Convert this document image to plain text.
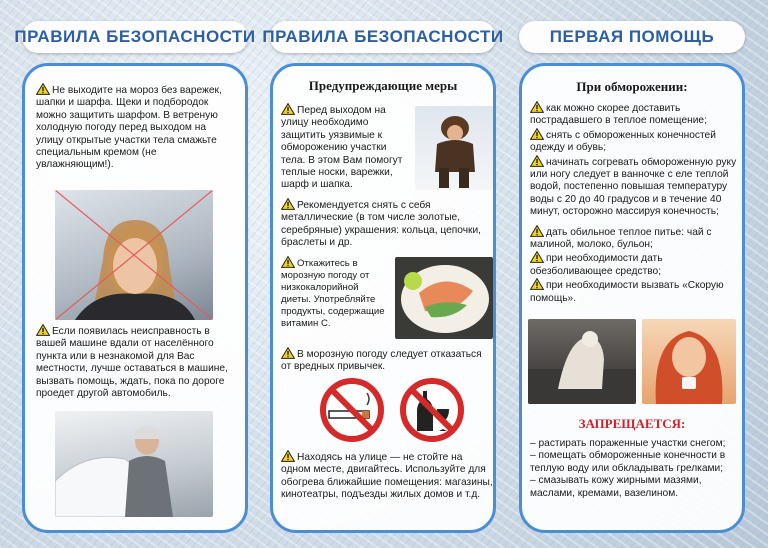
ПРАВИЛА БЕЗОПАСНОСТИ ПРАВИЛА БЕЗОПАСНОСТИ	ПЕРВАЯ ПОМОЩЬ
Не выходите на мороз без варежек, шапки и шарфа. Щеки и подбородок можно защитить шарфом. В ветреную холодную погоду перед выходом на улицу открытые участки тела смажьте специальным кремом (не увлажняющим!).
Если появилась неисправность в вашей машине вдали от населённого пункта или в незнакомой для Вас местности, лучше оставаться в машине, вызвать помощь, ждать, пока по дороге проедет другой автомобиль.
Предупреждающие меры
Перед выходом на улицу необходимо защитить уязвимые к обморожению участки тела. В этом Вам помогут теплые носки, варежки, шарф и шапка.
Рекомендуется снять с себя металлические (в том числе золотые, серебряные) украшения: кольца, цепочки, браслеты и др.
Откажитесь в морозную погоду от низкокалорийной диеты. Употребляйте продукты, содержащие витамин С.
В морозную погоду следует отказаться от вредных привычек.
Находясь на улице — не стойте на одном месте, двигайтесь. Используйте для обогрева ближайшие помещения: магазины, кинотеатры, подъезды жилых домов и т.д.
При обморожении:
как можно скорее доставить пострадавшего в теплое помещение;
снять с обмороженных конечностей одежду и обувь;
начинать согревать обмороженную руку или ногу следует в ванночке с еле теплой водой, постепенно повышая температуру воды с 20 до 40 градусов и в течение 40 минут, осторожно массируя конечность;
дать обильное теплое питье: чай с малиной, молоко, бульон;
при необходимости дать обезболивающее средство;
при необходимости вызвать «Скорую помощь».
ЗАПРЕЩАЕТСЯ:
– растирать пораженные участки снегом;
– помещать обмороженные конечности в теплую воду или обкладывать грелками;
– смазывать кожу жирными мазями, маслами, кремами, вазелином.
